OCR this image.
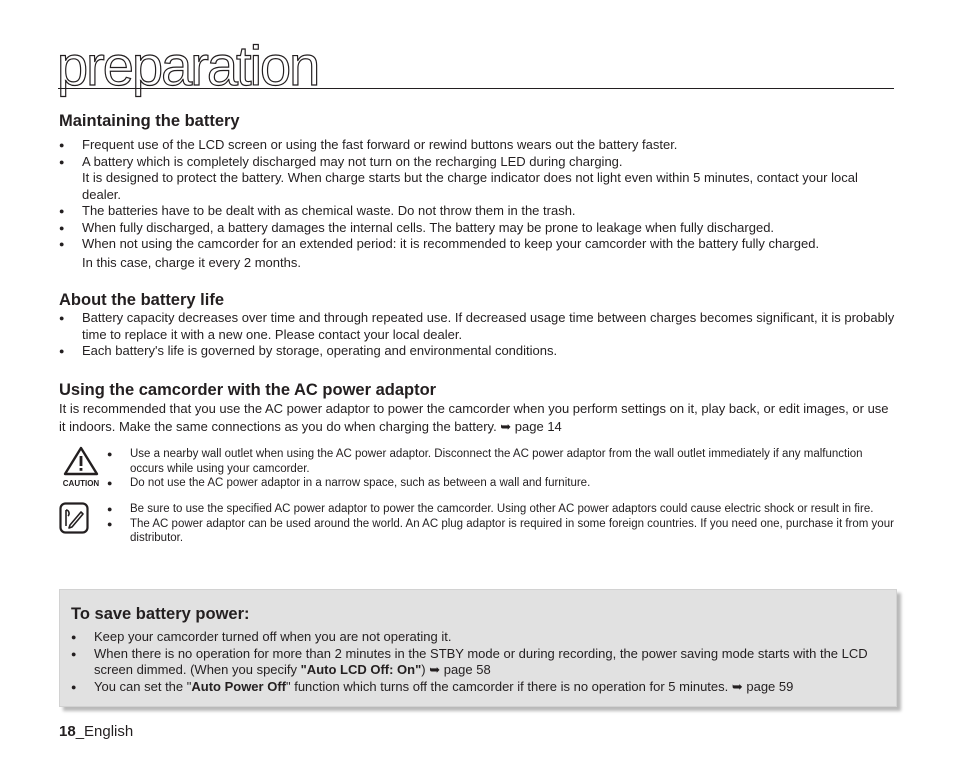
preparation
Maintaining the battery
● Frequent use of the LCD screen or using the fast forward or rewind buttons wears out the battery faster.
● A battery which is completely discharged may not turn on the recharging LED during charging.
It is designed to protect the battery. When charge starts but the charge indicator does not light even within 5 minutes, contact your local dealer.
● The batteries have to be dealt with as chemical waste. Do not throw them in the trash.
● When fully discharged, a battery damages the internal cells. The battery may be prone to leakage when fully discharged.
● When not using the camcorder for an extended period: it is recommended to keep your camcorder with the battery fully charged.
In this case, charge it every 2 months.
About the battery life
● Battery capacity decreases over time and through repeated use. If decreased usage time between charges becomes significant, it is probably time to replace it with a new one. Please contact your local dealer.
● Each battery's life is governed by storage, operating and environmental conditions.
Using the camcorder with the AC power adaptor

It is recommended that you use the AC power adaptor to power the camcorder when you perform settings on it, play back, or edit images, or use it indoors. Make the same connections as you do when charging the battery. ➥ page 14

CAUTION
● Use a nearby wall outlet when using the AC power adaptor. Disconnect the AC power adaptor from the wall outlet immediately if any malfunction occurs while using your camcorder.
● Do not use the AC power adaptor in a narrow space, such as between a wall and furniture.
● Be sure to use the specified AC power adaptor to power the camcorder. Using other AC power adaptors could cause electric shock or result in fire.
● The AC power adaptor can be used around the world. An AC plug adaptor is required in some foreign countries. If you need one, purchase it from your distributor.
To save battery power:
● Keep your camcorder turned off when you are not operating it.
● When there is no operation for more than 2 minutes in the STBY mode or during recording, the power saving mode starts with the LCD screen dimmed. (When you specify "Auto LCD Off: On") ➥ page 58
● You can set the "Auto Power Off" function which turns off the camcorder if there is no operation for 5 minutes. ➥ page 59
18_English
